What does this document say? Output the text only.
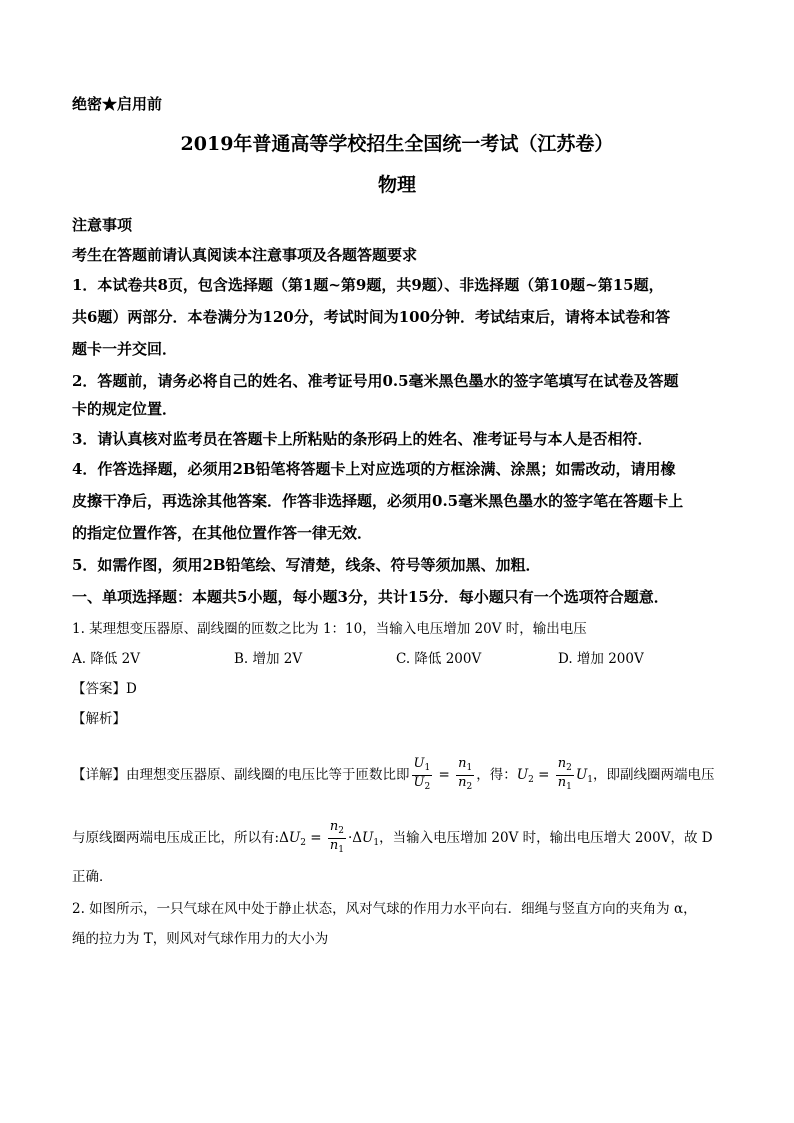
绝密★启用前
2019年普通高等学校招生全国统一考试（江苏卷）
物理
注意事项
考生在答题前请认真阅读本注意事项及各题答题要求
1．本试卷共8页，包含选择题（第1题~第9题，共9题）、非选择题（第10题~第15题，
共6题）两部分．本卷满分为120分，考试时间为100分钟．考试结束后，请将本试卷和答
题卡一并交回．
2．答题前，请务必将自己的姓名、准考证号用0.5毫米黑色墨水的签字笔填写在试卷及答题
卡的规定位置．
3．请认真核对监考员在答题卡上所粘贴的条形码上的姓名、准考证号与本人是否相符．
4．作答选择题，必须用2B铅笔将答题卡上对应选项的方框涂满、涂黑；如需改动，请用橡
皮擦干净后，再选涂其他答案．作答非选择题，必须用0.5毫米黑色墨水的签字笔在答题卡上
的指定位置作答，在其他位置作答一律无效．
5．如需作图，须用2B铅笔绘、写清楚，线条、符号等须加黑、加粗．
一、单项选择题：本题共5小题，每小题3分，共计15分．每小题只有一个选项符合题意．
1. 某理想变压器原、副线圈的匝数之比为 1：10，当输入电压增加 20V 时，输出电压
A. 降低 2V	B. 增加 2V	C. 降低 200V	D. 增加 200V
【答案】D
【解析】
【详解】由理想变压器原、副线圈的电压比等于匝数比即 $\frac{U_1}{U_2} = \frac{n_1}{n_2}$ ，得：$U_2 = \frac{n_2}{n_1} U_1$，即副线圈两端电压
与原线圈两端电压成正比，所以有$:\Delta U_2 = \frac{n_2}{n_1} \cdot\Delta U_1$，当输入电压增加 20V 时，输出电压增大 200V，故 D
正确．
2. 如图所示，一只气球在风中处于静止状态，风对气球的作用力水平向右．细绳与竖直方向的夹角为 α，
绳的拉力为 T，则风对气球作用力的大小为
